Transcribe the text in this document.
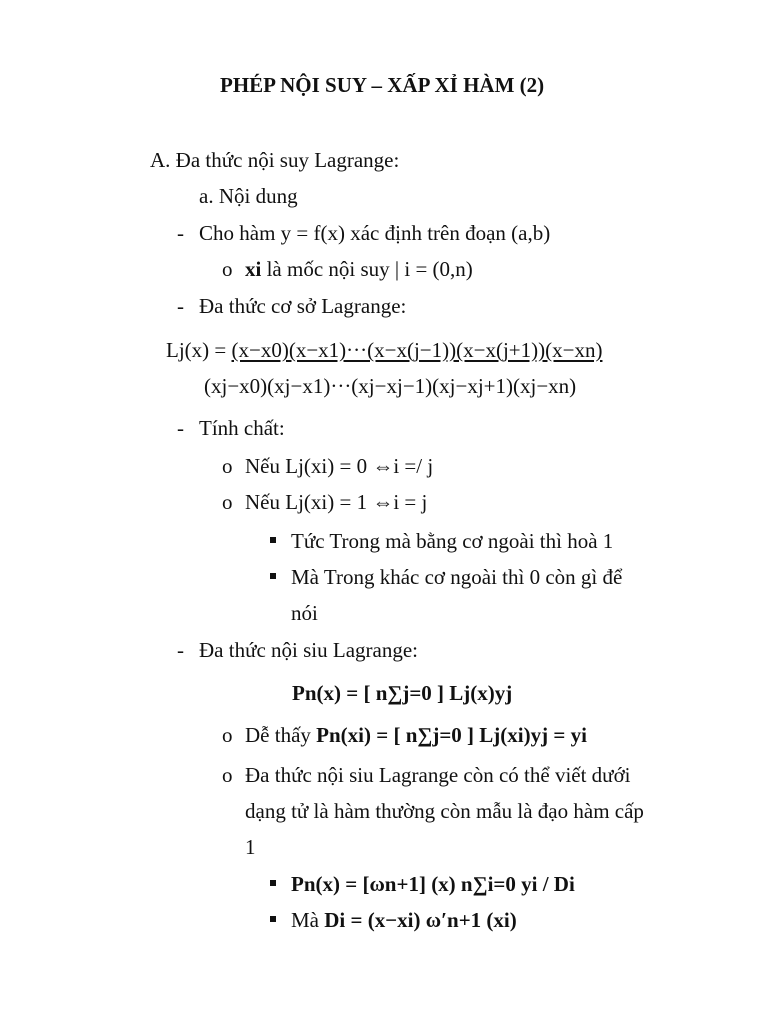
PHÉP NỘI SUY – XẤP XỈ HÀM (2)
A. Đa thức nội suy Lagrange:
a. Nội dung
- Cho hàm y = f(x) xác định trên đoạn (a,b)
o xi là mốc nội suy | i = (0,n)
- Đa thức cơ sở Lagrange:
Lj(x) = (x−x0)(x−x1)···(x−x(j−1))(x−x(j+1))(x−xn)
(xj−x0)(xj−x1)···(xj−xj−1)(xj−xj+1)(xj−xn)
- Tính chất:
o Nếu Lj(xi) = 0 ⇔i =/ j
o Nếu Lj(xi) = 1 ⇔i = j
Tức Trong mà bằng cơ ngoài thì hoà 1
Mà Trong khác cơ ngoài thì 0 còn gì để
nói
- Đa thức nội siu Lagrange:
Pn(x) = [ n∑j=0 ] Lj(x)yj
o Dễ thấy Pn(xi) = [ n∑j=0 ] Lj(xi)yj = yi
o Đa thức nội siu Lagrange còn có thể viết dưới
dạng tử là hàm thường còn mẫu là đạo hàm cấp
1
Pn(x) = [ωn+1] (x) n∑i=0 yi / Di
Mà Di = (x−xi) ω′n+1 (xi)
